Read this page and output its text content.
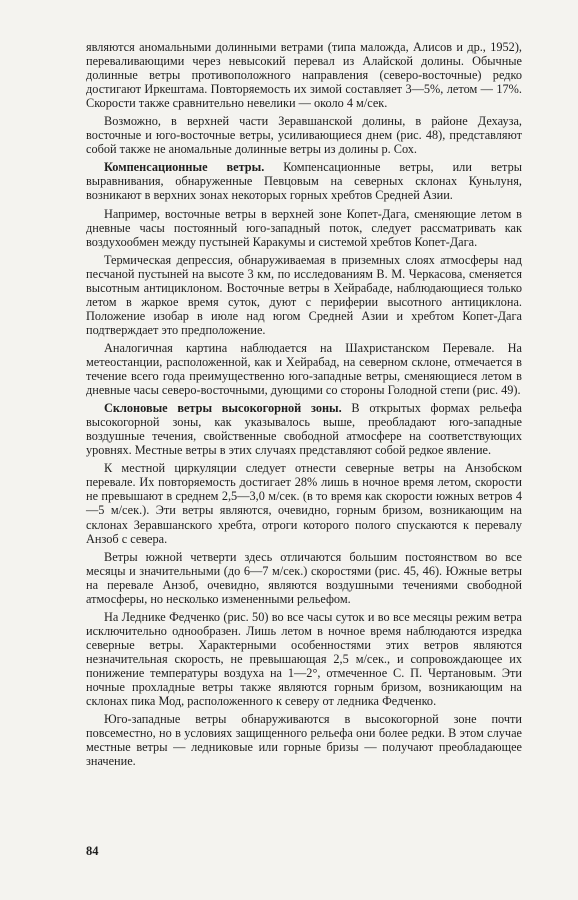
являются аномальными долинными ветрами (типа маложда, Алисов и др., 1952), переваливающими через невысокий перевал из Алайской долины. Обычные долинные ветры противоположного направления (северо-восточные) редко достигают Иркештама. Повторяемость их зимой составляет 3—5%, летом — 17%. Скорости также сравнительно невелики — около 4 м/сек.

Возможно, в верхней части Зеравшанской долины, в районе Дехауза, восточные и юго-восточные ветры, усиливающиеся днем (рис. 48), представляют собой также не аномальные долинные ветры из долины р. Сох.

Компенсационные ветры. Компенсационные ветры, или ветры выравнивания, обнаруженные Певцовым на северных склонах Куньлуня, возникают в верхних зонах некоторых горных хребтов Средней Азии.

Например, восточные ветры в верхней зоне Копет-Дага, сменяющие летом в дневные часы постоянный юго-западный поток, следует рассматривать как воздухообмен между пустыней Каракумы и системой хребтов Копет-Дага.

Термическая депрессия, обнаруживаемая в приземных слоях атмосферы над песчаной пустыней на высоте 3 км, по исследованиям В. М. Черкасова, сменяется высотным антициклоном. Восточные ветры в Хейрабаде, наблюдающиеся только летом в жаркое время суток, дуют с периферии высотного антициклона. Положение изобар в июле над югом Средней Азии и хребтом Копет-Дага подтверждает это предположение.

Аналогичная картина наблюдается на Шахристанском Перевале. На метеостанции, расположенной, как и Хейрабад, на северном склоне, отмечается в течение всего года преимущественно юго-западные ветры, сменяющиеся летом в дневные часы северо-восточными, дующими со стороны Голодной степи (рис. 49).

Склоновые ветры высокогорной зоны. В открытых формах рельефа высокогорной зоны, как указывалось выше, преобладают юго-западные воздушные течения, свойственные свободной атмосфере на соответствующих уровнях. Местные ветры в этих случаях представляют собой редкое явление.

К местной циркуляции следует отнести северные ветры на Анзобском перевале. Их повторяемость достигает 28% лишь в ночное время летом, скорости не превышают в среднем 2,5—3,0 м/сек. (в то время как скорости южных ветров 4—5 м/сек.). Эти ветры являются, очевидно, горным бризом, возникающим на склонах Зеравшанского хребта, отроги которого полого спускаются к перевалу Анзоб с севера.

Ветры южной четверти здесь отличаются большим постоянством во все месяцы и значительными (до 6—7 м/сек.) скоростями (рис. 45, 46). Южные ветры на перевале Анзоб, очевидно, являются воздушными течениями свободной атмосферы, но несколько измененными рельефом.

На Леднике Федченко (рис. 50) во все часы суток и во все месяцы режим ветра исключительно однообразен. Лишь летом в ночное время наблюдаются изредка северные ветры. Характерными особенностями этих ветров являются незначительная скорость, не превышающая 2,5 м/сек., и сопровождающее их понижение температуры воздуха на 1—2°, отмеченное С. П. Чертановым. Эти ночные прохладные ветры также являются горным бризом, возникающим на склонах пика Мод, расположенного к северу от ледника Федченко.

Юго-западные ветры обнаруживаются в высокогорной зоне почти повсеместно, но в условиях защищенного рельефа они более редки. В этом случае местные ветры — ледниковые или горные бризы — получают преобладающее значение.

84
